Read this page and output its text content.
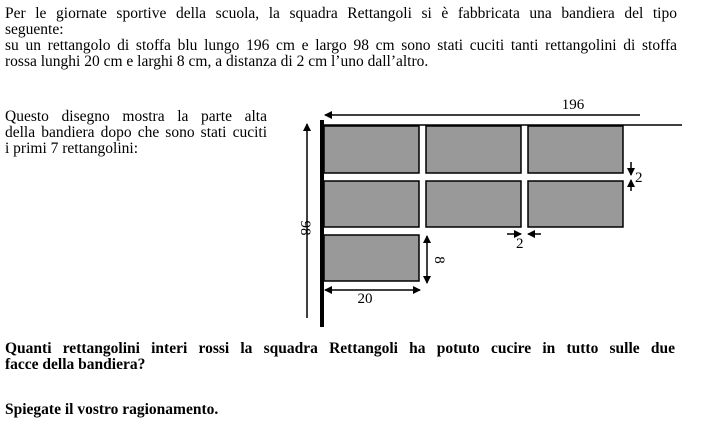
Per le giornate sportive della scuola, la squadra Rettangoli si è fabbricata una bandiera del tipo

seguente:

su un rettangolo di stoffa blu lungo 196 cm e largo 98 cm sono stati cuciti tanti rettangolini di stoffa

rossa lunghi 20 cm e larghi 8 cm, a distanza di 2 cm l’uno dall’altro.

Questo disegno mostra la parte alta
della bandiera dopo che sono stati cuciti
i primi 7 rettangolini:
196
98
2
2
8
20
Quanti rettangolini interi rossi la squadra Rettangoli ha potuto cucire in tutto sulle due
facce della bandiera?
Spiegate il vostro ragionamento.
